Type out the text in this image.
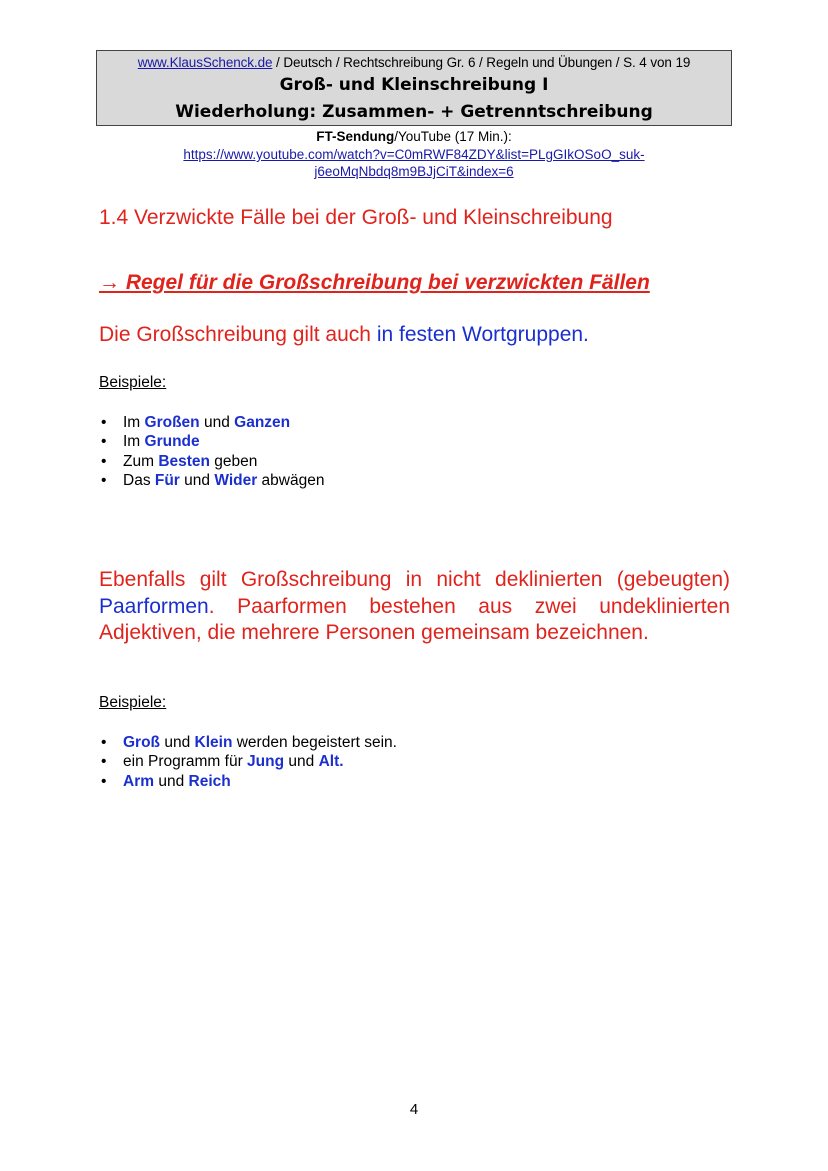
www.KlausSchenck.de / Deutsch / Rechtschreibung Gr. 6 / Regeln und Übungen / S. 4 von 19
Groß- und Kleinschreibung I
Wiederholung: Zusammen- + Getrenntschreibung
FT-Sendung/YouTube (17 Min.):
https://www.youtube.com/watch?v=C0mRWF84ZDY&list=PLgGIkOSoO_suk-
j6eoMqNbdq8m9BJjCiT&index=6
1.4 Verzwickte Fälle bei der Groß- und Kleinschreibung
→ Regel für die Großschreibung bei verzwickten Fällen
Die Großschreibung gilt auch in festen Wortgruppen.
Beispiele:
• Im Großen und Ganzen
• Im Grunde
• Zum Besten geben
• Das Für und Wider abwägen
Ebenfalls gilt Großschreibung in nicht deklinierten (gebeugten) Paarformen. Paarformen bestehen aus zwei undeklinierten Adjektiven, die mehrere Personen gemeinsam bezeichnen.
Beispiele:
• Groß und Klein werden begeistert sein.
• ein Programm für Jung und Alt.
• Arm und Reich
4
